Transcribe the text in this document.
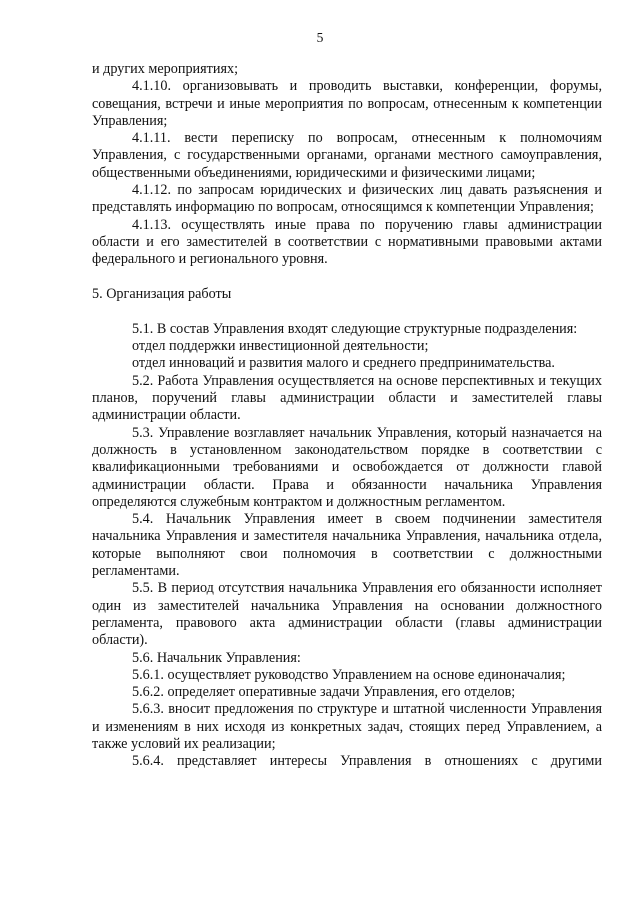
5

и других мероприятиях;

4.1.10. организовывать и проводить выставки, конференции, форумы, совещания, встречи и иные мероприятия по вопросам, отнесенным к компетенции Управления;

4.1.11. вести переписку по вопросам, отнесенным к полномочиям Управления, с государственными органами, органами местного самоуправления, общественными объединениями, юридическими и физическими лицами;

4.1.12. по запросам юридических и физических лиц давать разъяснения и представлять информацию по вопросам, относящимся к компетенции Управления;

4.1.13. осуществлять иные права по поручению главы администрации области и его заместителей в соответствии с нормативными правовыми актами федерального и регионального уровня.

5. Организация работы

5.1. В состав Управления входят следующие структурные подразделения:

отдел поддержки инвестиционной деятельности;

отдел инноваций и развития малого и среднего предпринимательства.

5.2. Работа Управления осуществляется на основе перспективных и текущих планов, поручений главы администрации области и заместителей главы администрации области.

5.3. Управление возглавляет начальник Управления, который назначается на должность в установленном законодательством порядке в соответствии с квалификационными требованиями и освобождается от должности главой администрации области. Права и обязанности начальника Управления определяются служебным контрактом и должностным регламентом.

5.4. Начальник Управления имеет в своем подчинении заместителя начальника Управления и заместителя начальника Управления, начальника отдела, которые выполняют свои полномочия в соответствии с должностными регламентами.

5.5. В период отсутствия начальника Управления его обязанности исполняет один из заместителей начальника Управления на основании должностного регламента, правового акта администрации области (главы администрации области).

5.6. Начальник Управления:

5.6.1. осуществляет руководство Управлением на основе единоначалия;

5.6.2. определяет оперативные задачи Управления, его отделов;

5.6.3. вносит предложения по структуре и штатной численности Управления и изменениям в них исходя из конкретных задач, стоящих перед Управлением, а также условий их реализации;

5.6.4. представляет интересы Управления в отношениях с другими
